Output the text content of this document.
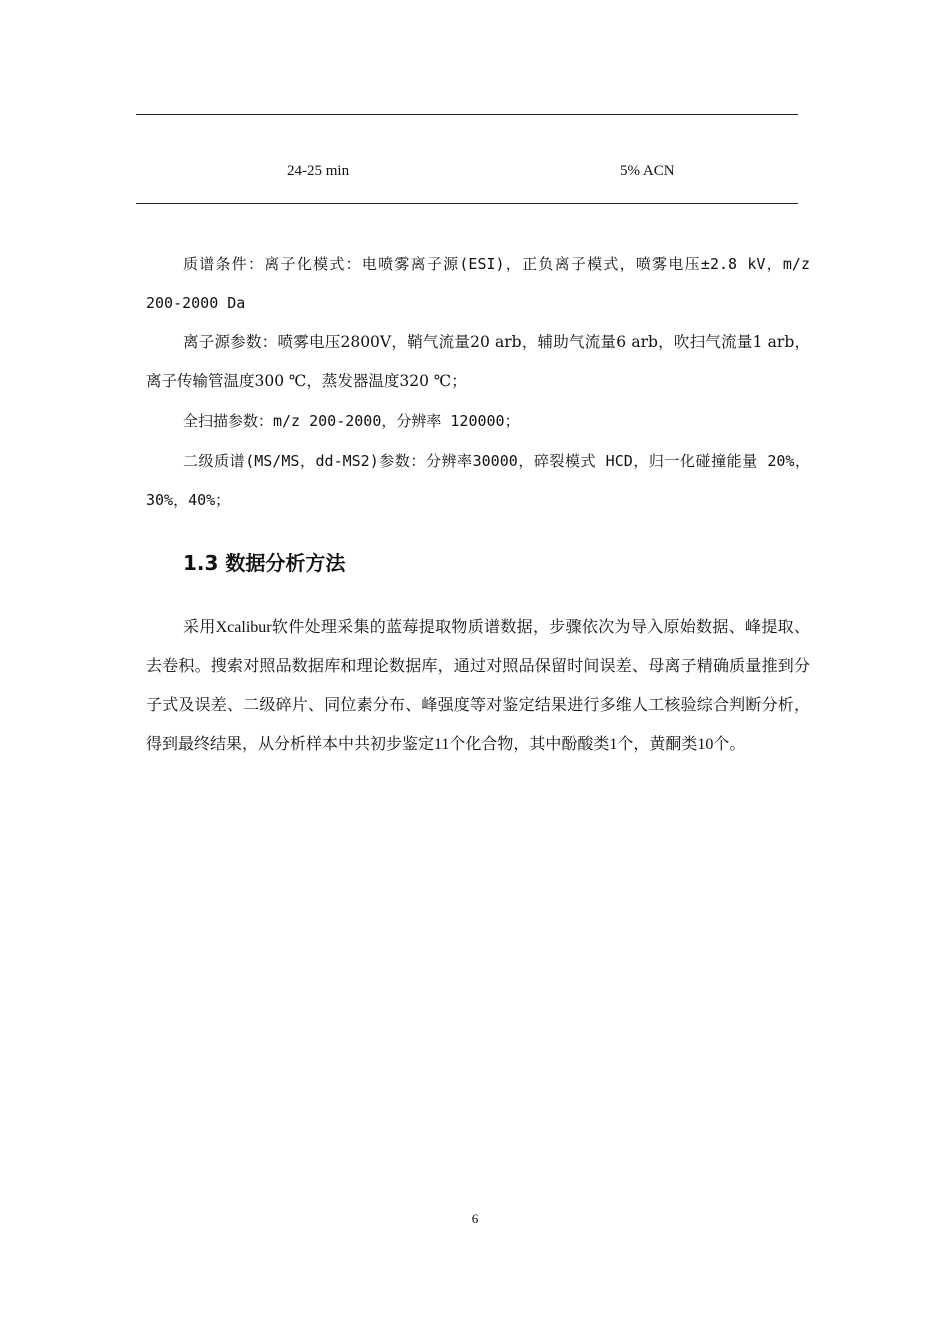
24-25 min	5% ACN

质谱条件：离子化模式：电喷雾离子源(ESI)，正负离子模式，喷雾电压±2.8 kV，m/z 200-2000 Da

离子源参数：喷雾电压2800V，鞘气流量20 arb，辅助气流量6 arb，吹扫气流量1 arb，离子传输管温度300 ℃，蒸发器温度320 ℃；

全扫描参数：m/z 200-2000，分辨率 120000；

二级质谱(MS/MS，dd-MS2)参数：分辨率30000，碎裂模式 HCD，归一化碰撞能量 20%，30%，40%；

1.3 数据分析方法

采用Xcalibur软件处理采集的蓝莓提取物质谱数据，步骤依次为导入原始数据、峰提取、去卷积。搜索对照品数据库和理论数据库，通过对照品保留时间误差、母离子精确质量推到分子式及误差、二级碎片、同位素分布、峰强度等对鉴定结果进行多维人工核验综合判断分析，得到最终结果，从分析样本中共初步鉴定11个化合物，其中酚酸类1个，黄酮类10个。

6
